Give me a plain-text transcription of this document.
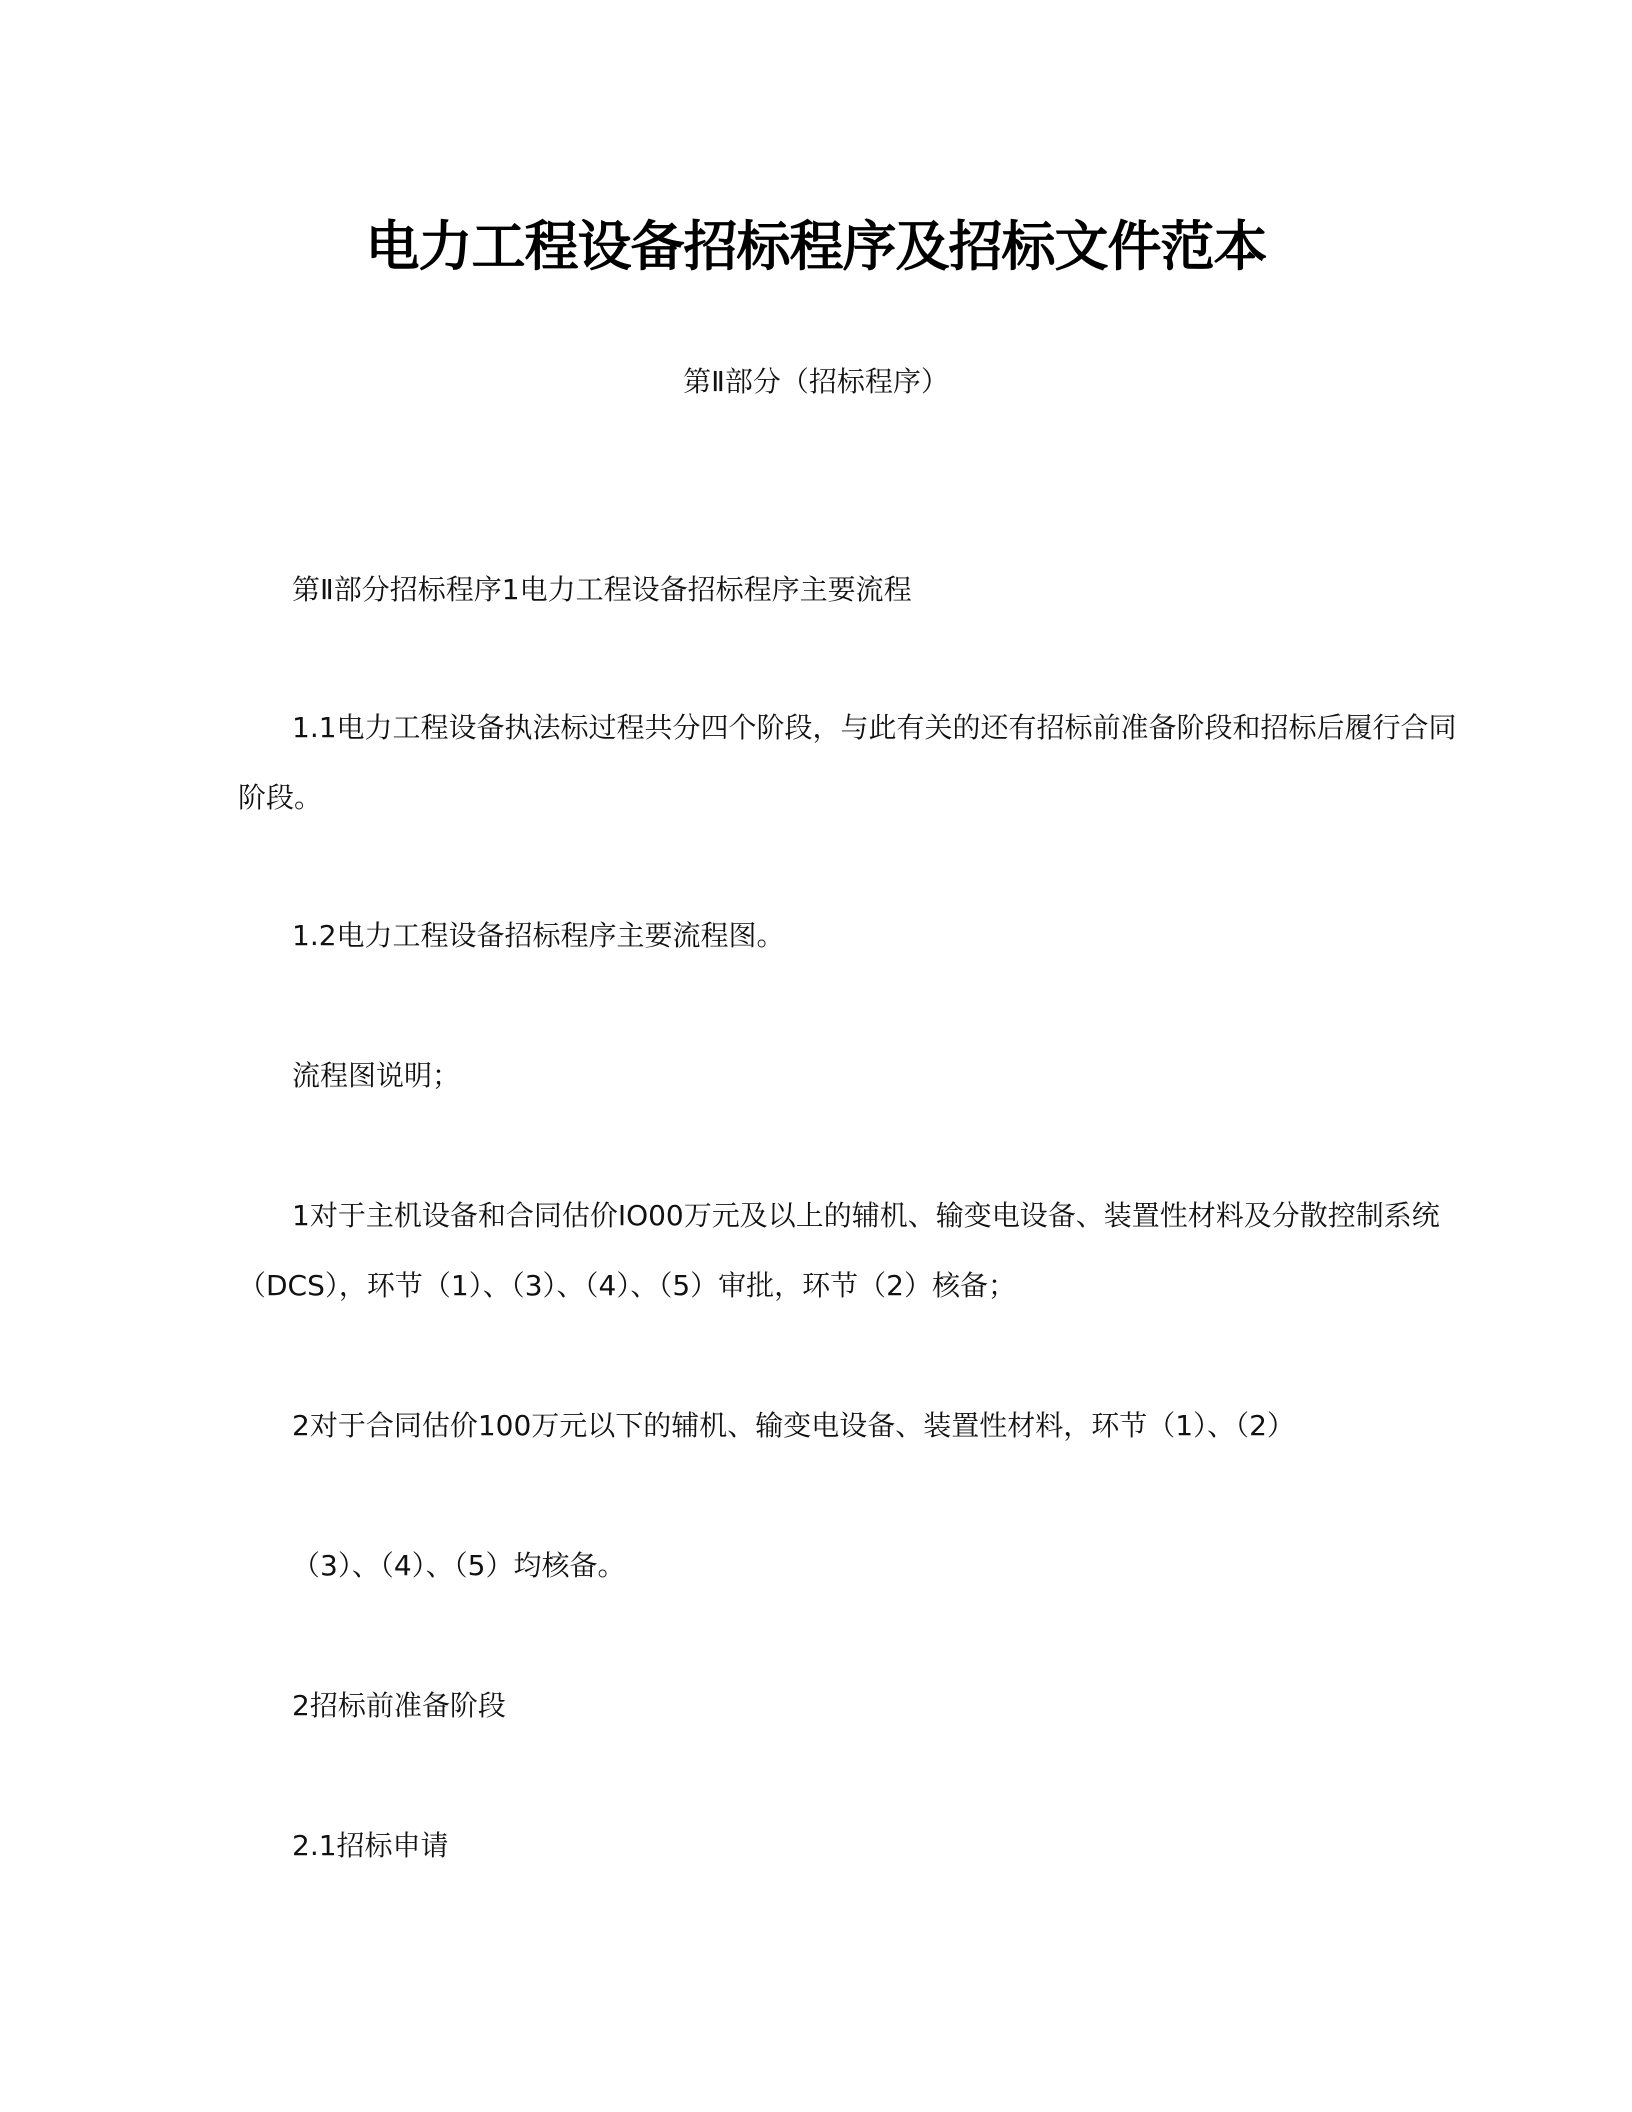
电力工程设备招标程序及招标文件范本
第Ⅱ部分（招标程序）
第Ⅱ部分招标程序1电力工程设备招标程序主要流程
1.1电力工程设备执法标过程共分四个阶段，与此有关的还有招标前准备阶段和招标后履行合同
阶段。
1.2电力工程设备招标程序主要流程图。
流程图说明；
1对于主机设备和合同估价IO00万元及以上的辅机、输变电设备、装置性材料及分散控制系统
（DCS），环节（1）、（3）、（4）、（5）审批，环节（2）核备；
2对于合同估价100万元以下的辅机、输变电设备、装置性材料，环节（1）、（2）
（3）、（4）、（5）均核备。
2招标前准备阶段
2.1招标申请
